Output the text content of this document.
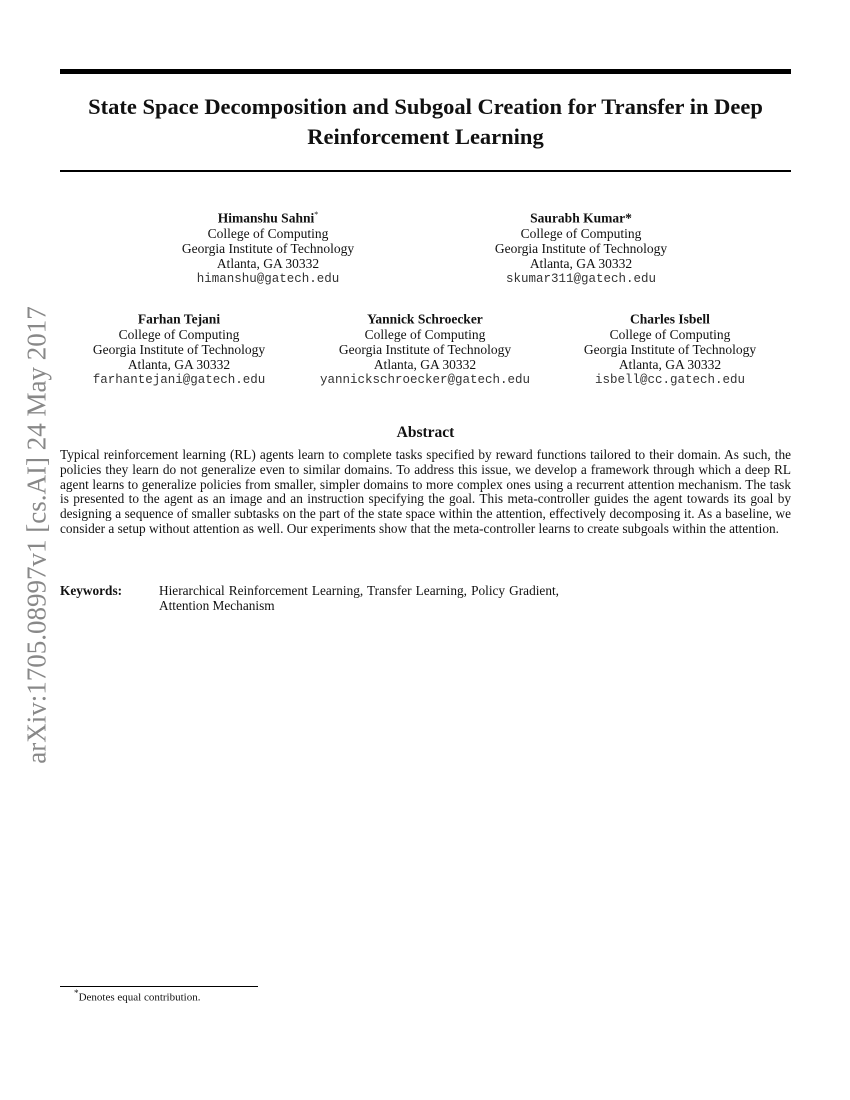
arXiv:1705.08997v1 [cs.AI] 24 May 2017
State Space Decomposition and Subgoal Creation for Transfer in Deep Reinforcement Learning
Himanshu Sahni*
College of Computing
Georgia Institute of Technology
Atlanta, GA 30332
himanshu@gatech.edu
Saurabh Kumar*
College of Computing
Georgia Institute of Technology
Atlanta, GA 30332
skumar311@gatech.edu
Farhan Tejani
College of Computing
Georgia Institute of Technology
Atlanta, GA 30332
farhantejani@gatech.edu
Yannick Schroecker
College of Computing
Georgia Institute of Technology
Atlanta, GA 30332
yannickschroecker@gatech.edu
Charles Isbell
College of Computing
Georgia Institute of Technology
Atlanta, GA 30332
isbell@cc.gatech.edu
Abstract
Typical reinforcement learning (RL) agents learn to complete tasks specified by reward functions tailored to their domain. As such, the policies they learn do not generalize even to similar domains. To address this issue, we develop a framework through which a deep RL agent learns to generalize policies from smaller, simpler domains to more complex ones using a recurrent attention mechanism. The task is presented to the agent as an image and an instruction specifying the goal. This meta-controller guides the agent towards its goal by designing a sequence of smaller subtasks on the part of the state space within the attention, effectively decomposing it. As a baseline, we consider a setup without attention as well. Our experiments show that the meta-controller learns to create subgoals within the attention.
Keywords:	Hierarchical Reinforcement Learning, Transfer Learning, Policy Gradient, Attention Mechanism
*Denotes equal contribution.
